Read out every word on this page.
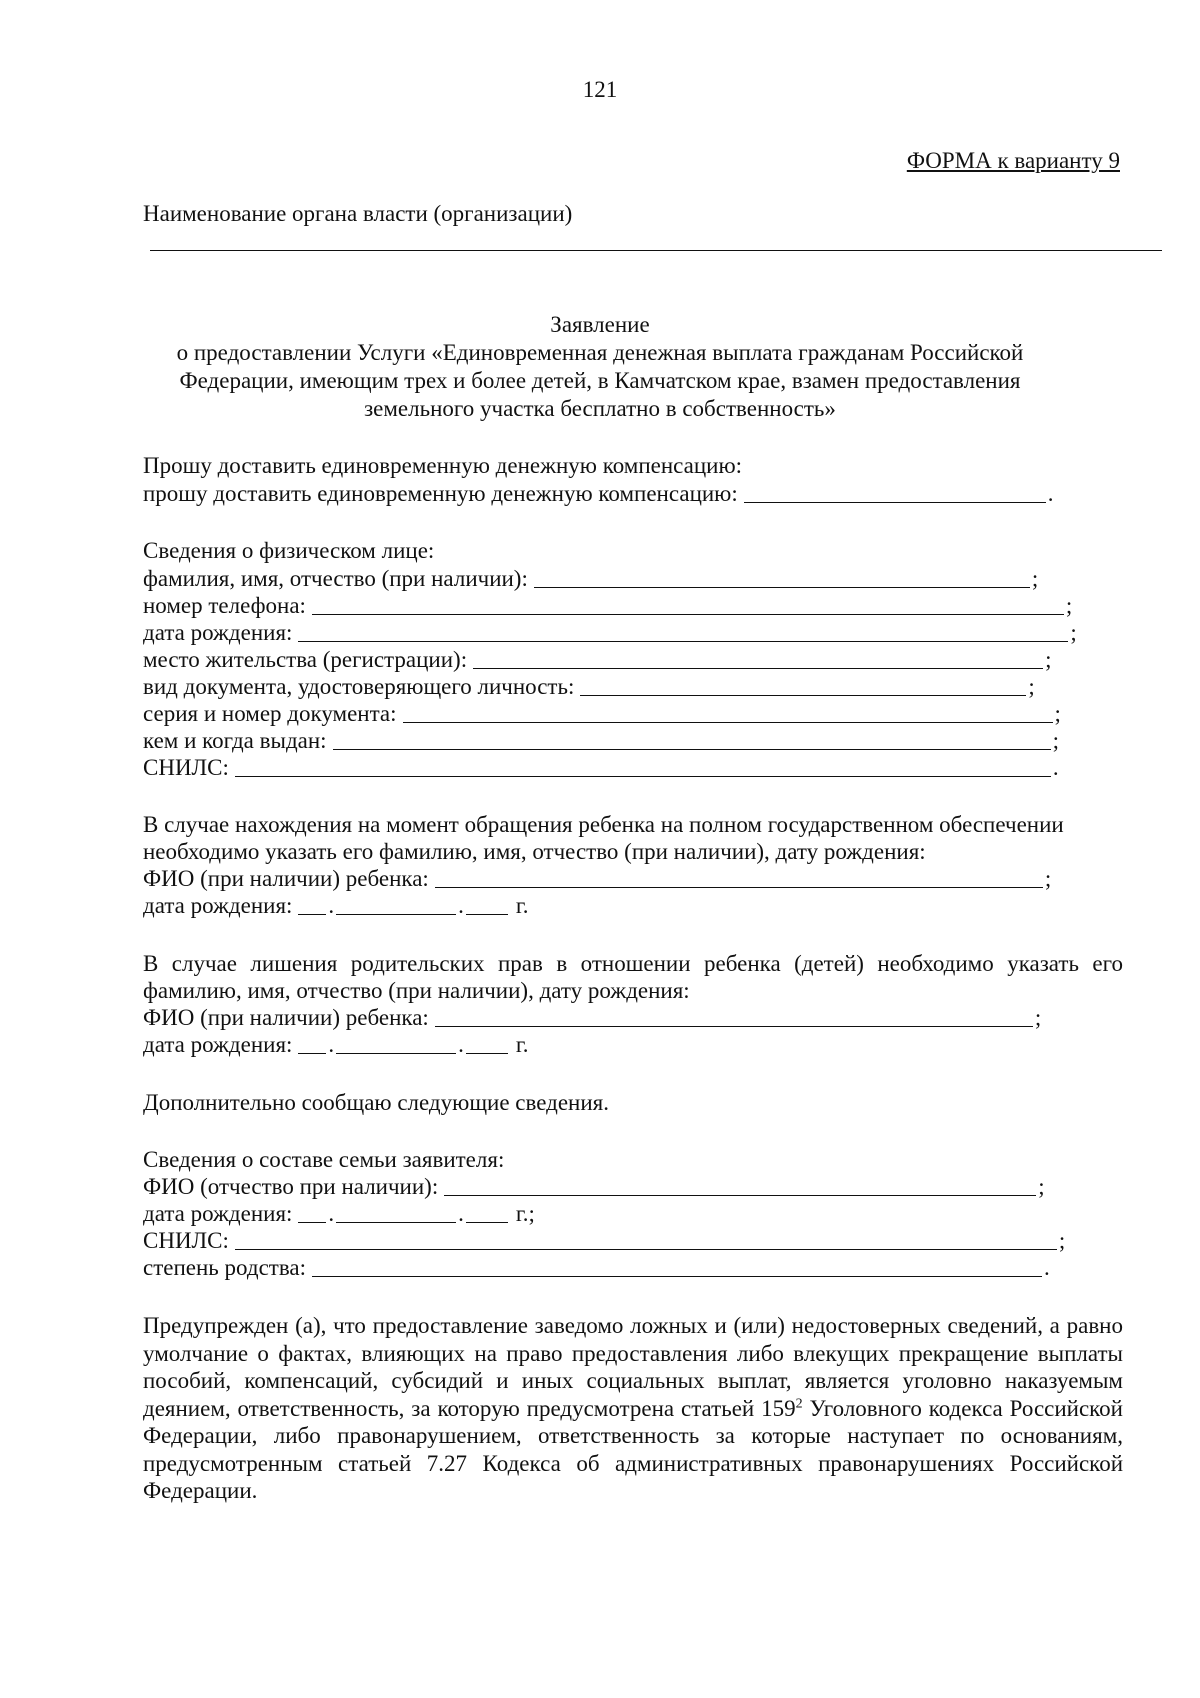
121
ФОРМА к варианту 9
Наименование органа власти (организации)
Заявление
о предоставлении Услуги «Единовременная денежная выплата гражданам Российской
Федерации, имеющим трех и более детей, в Камчатском крае, взамен предоставления
земельного участка бесплатно в собственность»
Прошу доставить единовременную денежную компенсацию:
прошу доставить единовременную денежную компенсацию:	.
Сведения о физическом лице:
фамилия, имя, отчество (при наличии):	;
номер телефона:	;
дата рождения:	;
место жительства (регистрации):	;
вид документа, удостоверяющего личность:	;
серия и номер документа:	;
кем и когда выдан:	;
СНИЛС:	.
В случае нахождения на момент обращения ребенка на полном государственном обеспечении
необходимо указать его фамилию, имя, отчество (при наличии), дату рождения:
ФИО (при наличии) ребенка:	;
дата рождения: .	. г.
В случае лишения родительских прав в отношении ребенка (детей) необходимо указать его
фамилию, имя, отчество (при наличии), дату рождения:
ФИО (при наличии) ребенка:	;
дата рождения: .	. г.
Дополнительно сообщаю следующие сведения.
Сведения о составе семьи заявителя:
ФИО (отчество при наличии):	;
дата рождения: .	. г.;
СНИЛС:	;
степень родства:	.
Предупрежден (а), что предоставление заведомо ложных и (или) недостоверных сведений, а равно умолчание о фактах, влияющих на право предоставления либо влекущих прекращение выплаты пособий, компенсаций, субсидий и иных социальных выплат, является уголовно наказуемым деянием, ответственность, за которую предусмотрена статьей $159^2$ Уголовного кодекса Российской Федерации, либо правонарушением, ответственность за которые наступает по основаниям, предусмотренным статьей 7.27 Кодекса об административных правонарушениях Российской Федерации.
